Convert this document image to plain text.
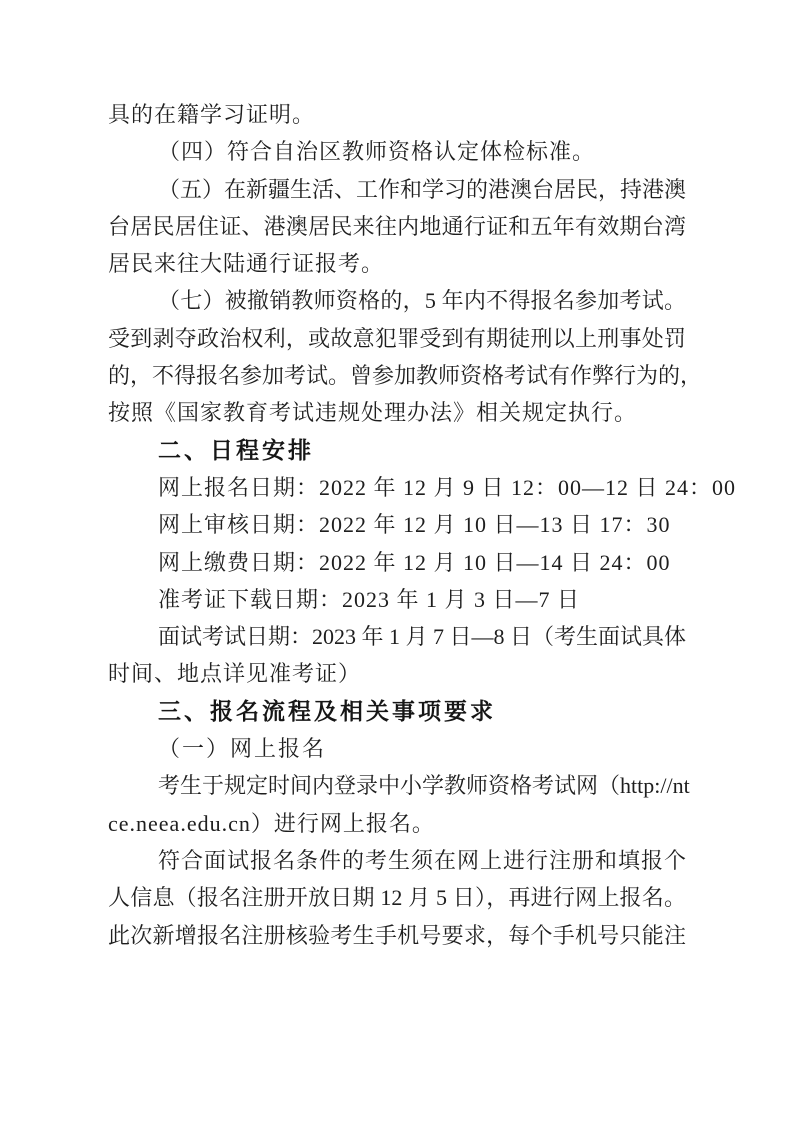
具的在籍学习证明。
（四）符合自治区教师资格认定体检标准。
（五）在新疆生活、工作和学习的港澳台居民，持港澳
台居民居住证、港澳居民来往内地通行证和五年有效期台湾
居民来往大陆通行证报考。
（七）被撤销教师资格的，5 年内不得报名参加考试。
受到剥夺政治权利，或故意犯罪受到有期徒刑以上刑事处罚
的，不得报名参加考试。曾参加教师资格考试有作弊行为的，
按照《国家教育考试违规处理办法》相关规定执行。
二、日程安排
网上报名日期：2022 年 12 月 9 日 12：00—12 日 24：00
网上审核日期：2022 年 12 月 10 日—13 日 17：30
网上缴费日期：2022 年 12 月 10 日—14 日 24：00
准考证下载日期：2023 年 1 月 3 日—7 日
面试考试日期：2023 年 1 月 7 日—8 日（考生面试具体
时间、地点详见准考证）
三、报名流程及相关事项要求
（一）网上报名
考生于规定时间内登录中小学教师资格考试网（http://nt
ce.neea.edu.cn）进行网上报名。
符合面试报名条件的考生须在网上进行注册和填报个
人信息（报名注册开放日期 12 月 5 日），再进行网上报名。
此次新增报名注册核验考生手机号要求，每个手机号只能注
